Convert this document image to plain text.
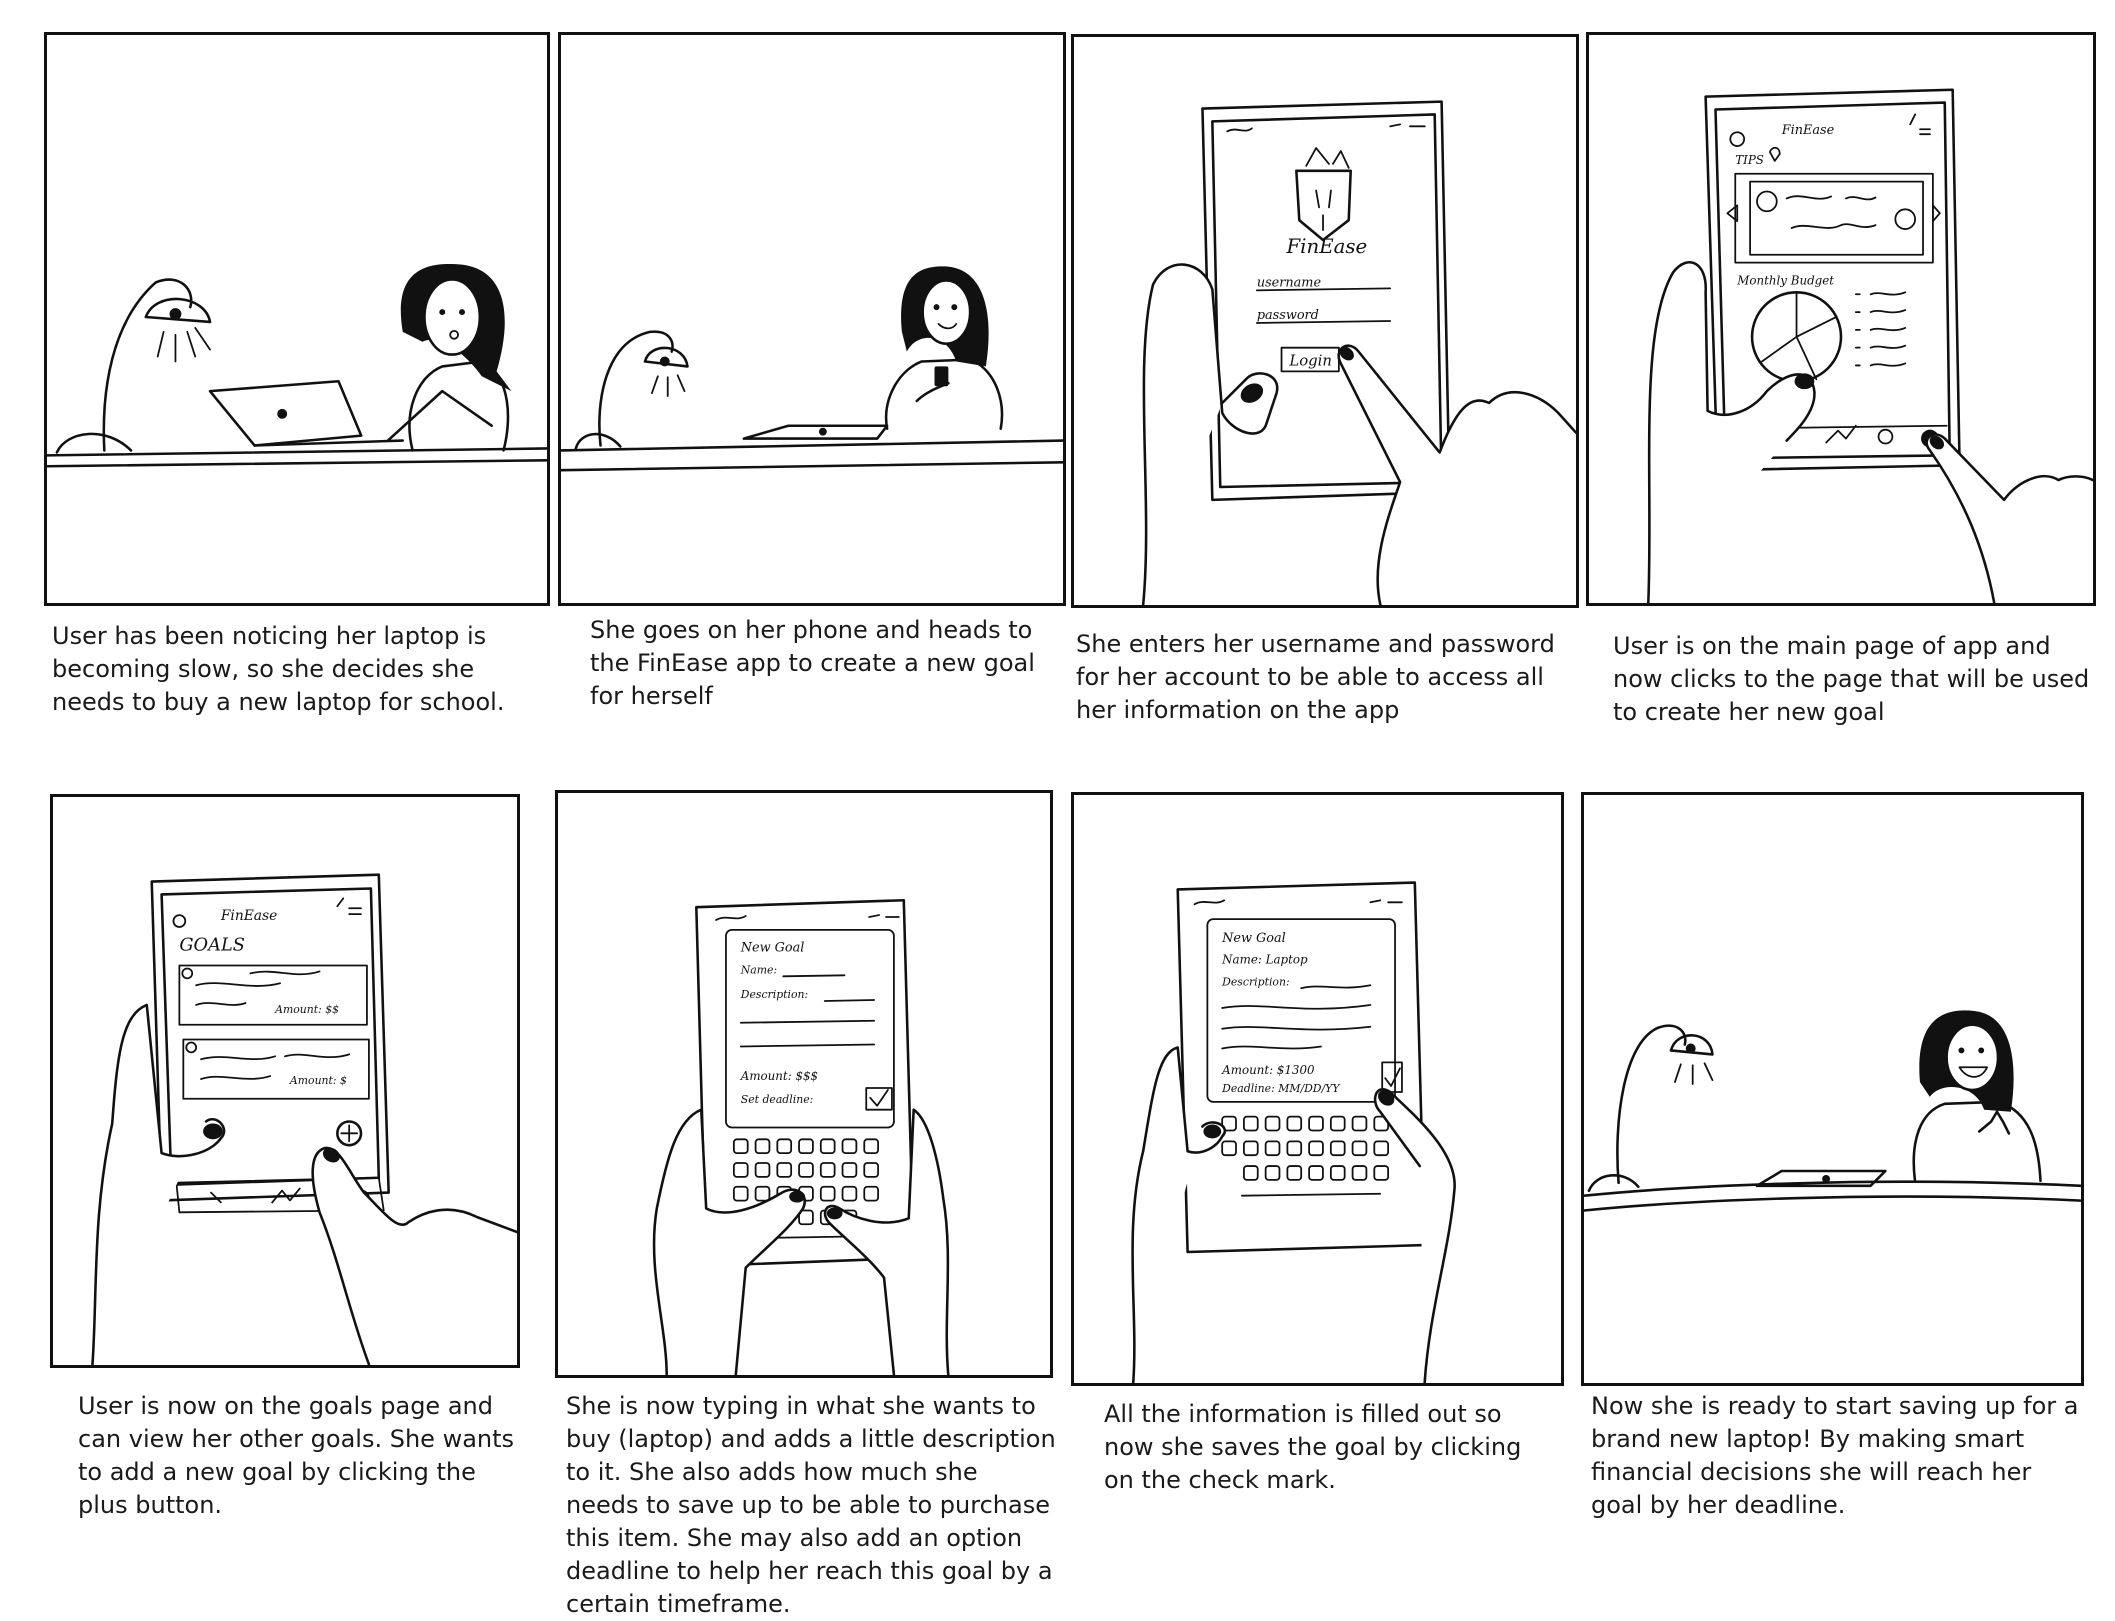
User has been noticing her laptop is becoming slow, so she decides she needs to buy a new laptop for school.
She goes on her phone and heads to the FinEase app to create a new goal for herself
FinEase
username
password
Login
She enters her username and password for her account to be able to access all her information on the app
FinEase
TIPS
Monthly Budget
User is on the main page of app and now clicks to the page that will be used to create her new goal
FinEase
GOALS
Amount: $$
Amount: $
User is now on the goals page and can view her other goals. She wants to add a new goal by clicking the plus button.
New Goal
Name:
Description:
Amount: $$$
Set deadline:
She is now typing in what she wants to buy (laptop) and adds a little description to it. She also adds how much she needs to save up to be able to purchase this item. She may also add an option deadline to help her reach this goal by a certain timeframe.
New Goal
Name: Laptop
Description:
Amount: $1300
Deadline: MM/DD/YY
All the information is filled out so now she saves the goal by clicking on the check mark.
Now she is ready to start saving up for a brand new laptop! By making smart financial decisions she will reach her goal by her deadline.
